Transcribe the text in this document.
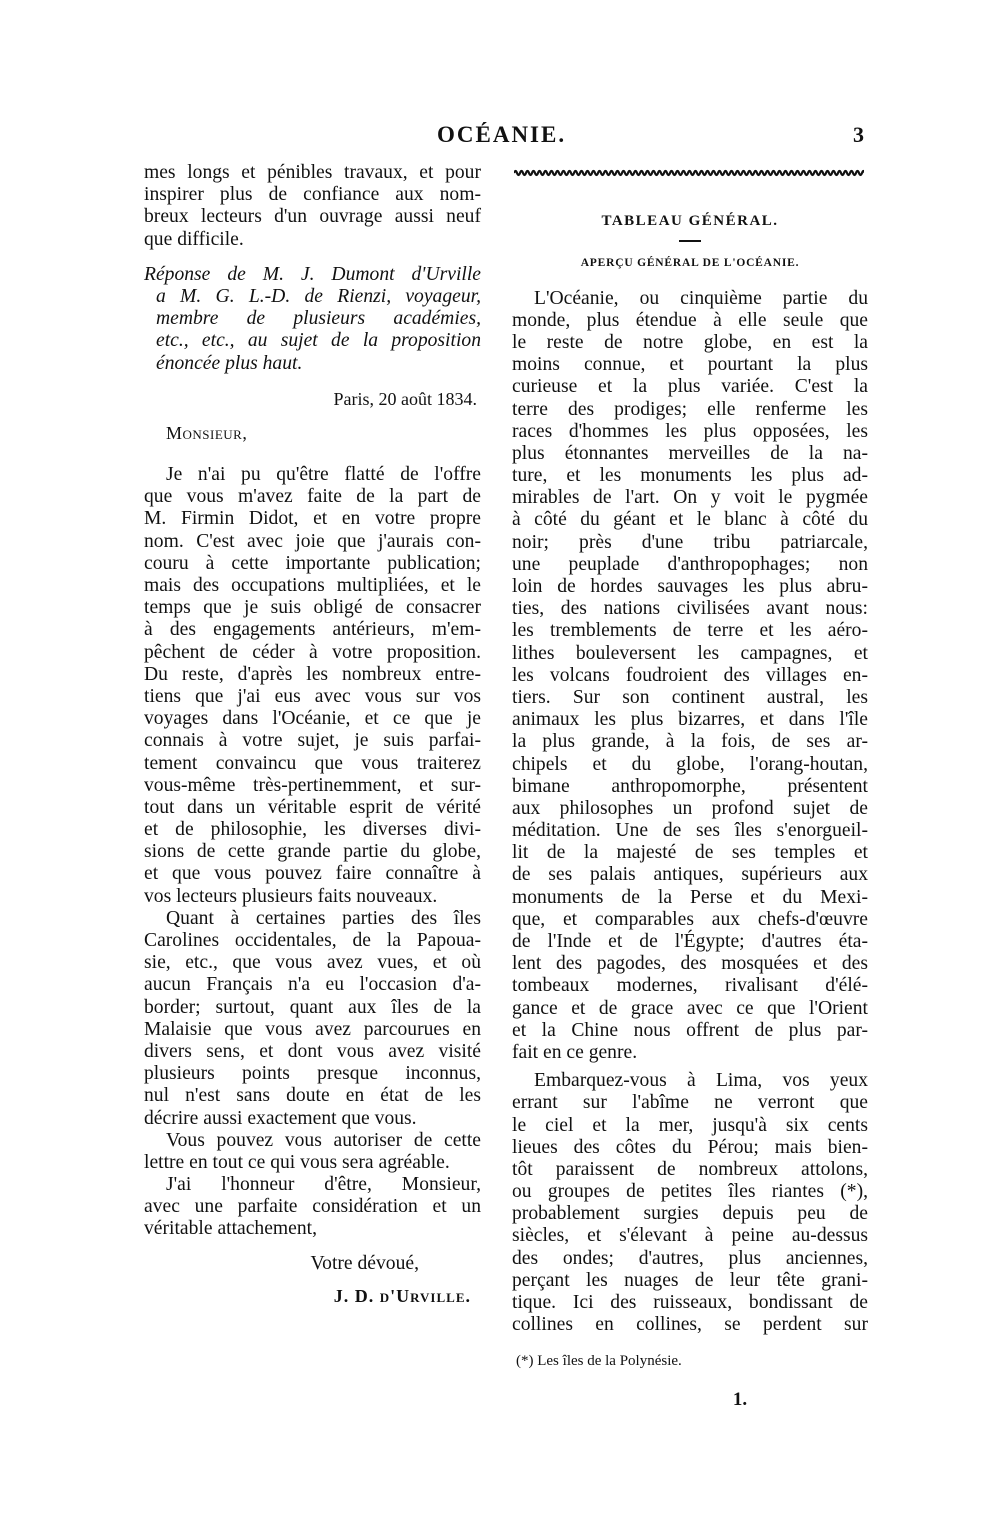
OCÉANIE.	3
mes longs et pénibles travaux, et pour
inspirer plus de confiance aux nom-
breux lecteurs d'un ouvrage aussi neuf
que difficile.
Réponse de M. J. Dumont d'Urville
a M. G. L.-D. de Rienzi, voyageur,
membre de plusieurs académies,
etc., etc., au sujet de la proposition
énoncée plus haut.
Paris, 20 août 1834.
Monsieur,
Je n'ai pu qu'être flatté de l'offre
que vous m'avez faite de la part de
M. Firmin Didot, et en votre propre
nom. C'est avec joie que j'aurais con-
couru à cette importante publication;
mais des occupations multipliées, et le
temps que je suis obligé de consacrer
à des engagements antérieurs, m'em-
pêchent de céder à votre proposition.
Du reste, d'après les nombreux entre-
tiens que j'ai eus avec vous sur vos
voyages dans l'Océanie, et ce que je
connais à votre sujet, je suis parfai-
tement convaincu que vous traiterez
vous-même très-pertinemment, et sur-
tout dans un véritable esprit de vérité
et de philosophie, les diverses divi-
sions de cette grande partie du globe,
et que vous pouvez faire connaître à
vos lecteurs plusieurs faits nouveaux.
Quant à certaines parties des îles
Carolines occidentales, de la Papoua-
sie, etc., que vous avez vues, et où
aucun Français n'a eu l'occasion d'a-
border; surtout, quant aux îles de la
Malaisie que vous avez parcourues en
divers sens, et dont vous avez visité
plusieurs points presque inconnus,
nul n'est sans doute en état de les
décrire aussi exactement que vous.
Vous pouvez vous autoriser de cette
lettre en tout ce qui vous sera agréable.
J'ai l'honneur d'être, Monsieur,
avec une parfaite considération et un
véritable attachement,
Votre dévoué,
J. D. d'Urville.
TABLEAU GÉNÉRAL.
APERÇU GÉNÉRAL DE L'OCÉANIE.
L'Océanie, ou cinquième partie du
monde, plus étendue à elle seule que
le reste de notre globe, en est la
moins connue, et pourtant la plus
curieuse et la plus variée. C'est la
terre des prodiges; elle renferme les
races d'hommes les plus opposées, les
plus étonnantes merveilles de la na-
ture, et les monuments les plus ad-
mirables de l'art. On y voit le pygmée
à côté du géant et le blanc à côté du
noir; près d'une tribu patriarcale,
une peuplade d'anthropophages; non
loin de hordes sauvages les plus abru-
ties, des nations civilisées avant nous:
les tremblements de terre et les aéro-
lithes bouleversent les campagnes, et
les volcans foudroient des villages en-
tiers. Sur son continent austral, les
animaux les plus bizarres, et dans l'île
la plus grande, à la fois, de ses ar-
chipels et du globe, l'orang-houtan,
bimane anthropomorphe, présentent
aux philosophes un profond sujet de
méditation. Une de ses îles s'enorgueil-
lit de la majesté de ses temples et
de ses palais antiques, supérieurs aux
monuments de la Perse et du Mexi-
que, et comparables aux chefs-d'œuvre
de l'Inde et de l'Égypte; d'autres éta-
lent des pagodes, des mosquées et des
tombeaux modernes, rivalisant d'élé-
gance et de grace avec ce que l'Orient
et la Chine nous offrent de plus par-
fait en ce genre.
Embarquez-vous à Lima, vos yeux
errant sur l'abîme ne verront que
le ciel et la mer, jusqu'à six cents
lieues des côtes du Pérou; mais bien-
tôt paraissent de nombreux attolons,
ou groupes de petites îles riantes (*),
probablement surgies depuis peu de
siècles, et s'élevant à peine au-dessus
des ondes; d'autres, plus anciennes,
perçant les nuages de leur tête grani-
tique. Ici des ruisseaux, bondissant de
collines en collines, se perdent sur
(*) Les îles de la Polynésie.
1.
